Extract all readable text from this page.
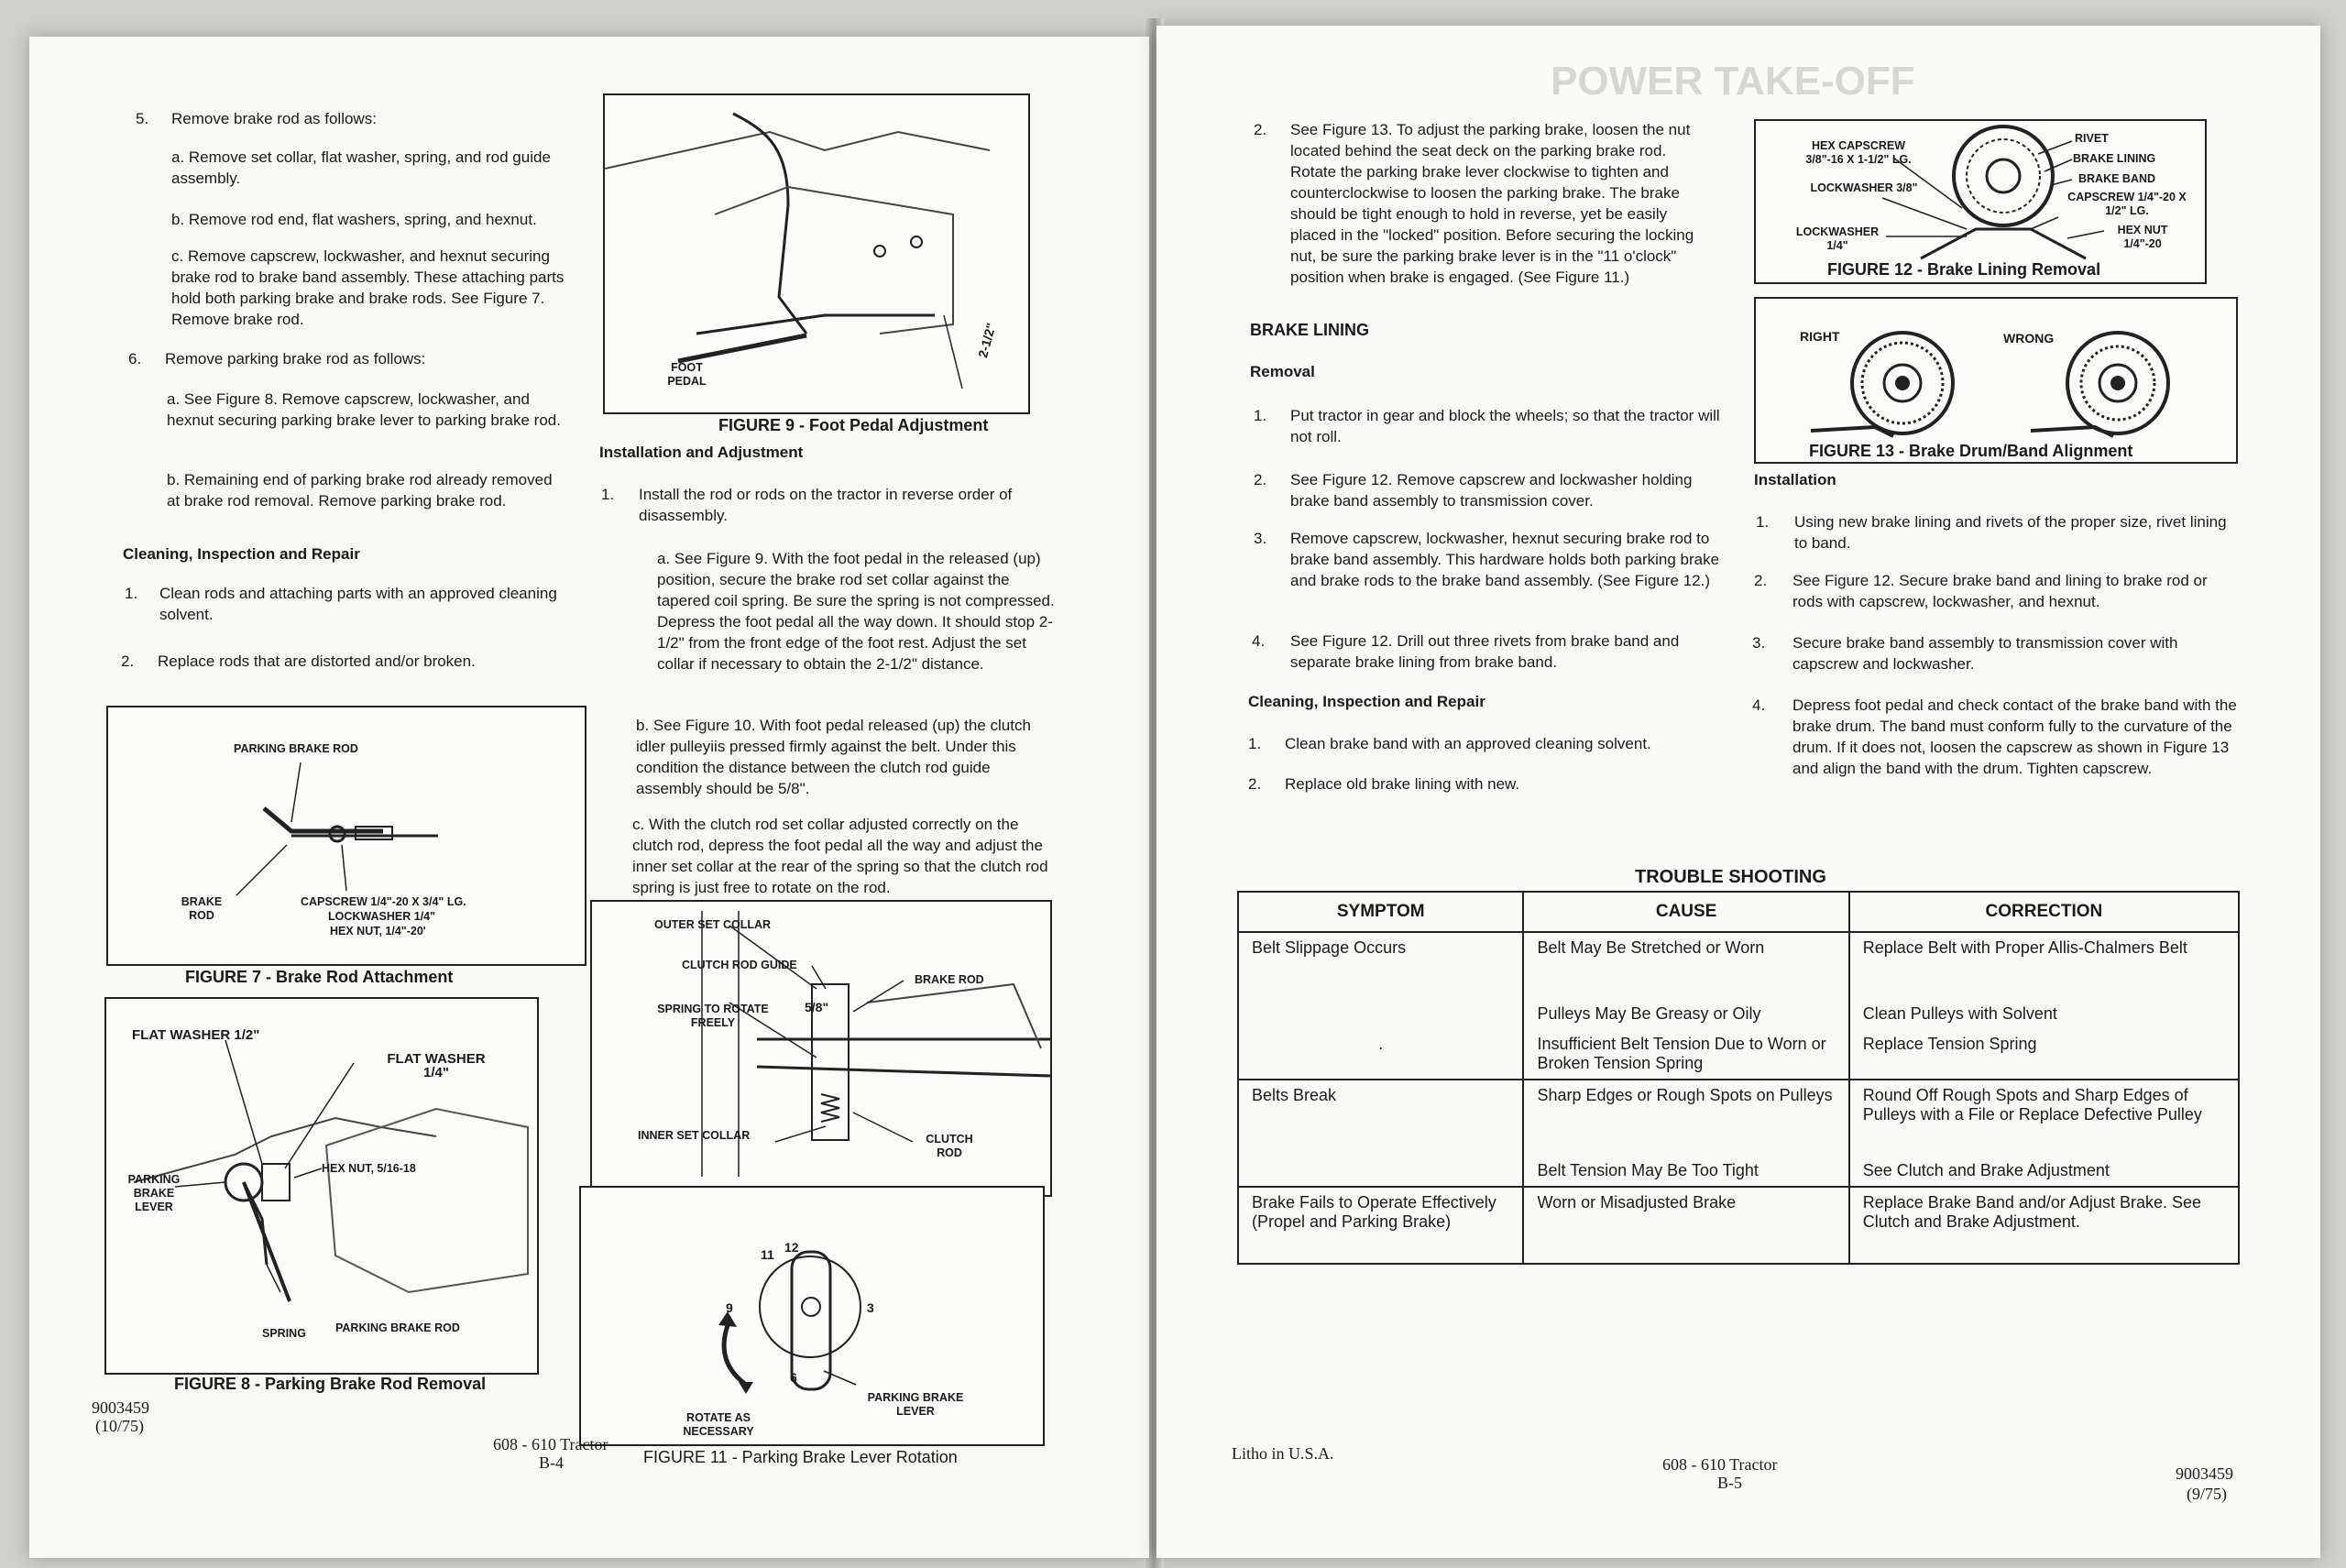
5. Remove brake rod as follows:
a. Remove set collar, flat washer, spring, and rod guide assembly.
b. Remove rod end, flat washers, spring, and hexnut.
c. Remove capscrew, lockwasher, and hexnut securing brake rod to brake band assembly. These attaching parts hold both parking brake and brake rods. See Figure 7. Remove brake rod.
6. Remove parking brake rod as follows:
a. See Figure 8. Remove capscrew, lockwasher, and hexnut securing parking brake lever to parking brake rod.
b. Remaining end of parking brake rod already removed at brake rod removal. Remove parking brake rod.
Cleaning, Inspection and Repair
1. Clean rods and attaching parts with an approved cleaning solvent.
2. Replace rods that are distorted and/or broken.
PARKING BRAKE ROD
BRAKE ROD
CAPSCREW 1/4"-20 X 3/4" LG.
LOCKWASHER 1/4"
HEX NUT, 1/4"-20'
FIGURE 7 - Brake Rod Attachment
FLAT WASHER 1/2"
FLAT WASHER 1/4"
HEX NUT, 5/16-18
PARKING BRAKE LEVER
SPRING	PARKING BRAKE ROD
FIGURE 8 - Parking Brake Rod Removal
FOOT PEDAL
2-1/2"
FIGURE 9 - Foot Pedal Adjustment
Installation and Adjustment
1. Install the rod or rods on the tractor in reverse order of disassembly.
a. See Figure 9. With the foot pedal in the released (up) position, secure the brake rod set collar against the tapered coil spring. Be sure the spring is not compressed. Depress the foot pedal all the way down. It should stop 2-1/2" from the front edge of the foot rest. Adjust the set collar if necessary to obtain the 2-1/2" distance.
b. See Figure 10. With foot pedal released (up) the clutch idler pulleyiis pressed firmly against the belt. Under this condition the distance between the clutch rod guide assembly should be 5/8".
c. With the clutch rod set collar adjusted correctly on the clutch rod, depress the foot pedal all the way and adjust the inner set collar at the rear of the spring so that the clutch rod spring is just free to rotate on the rod.
OUTER SET COLLAR
CLUTCH ROD GUIDE
SPRING TO ROTATE FREELY
5/8"
BRAKE ROD
INNER SET COLLAR	CLUTCH ROD
11 12
9	3
6
ROTATE AS NECESSARY
PARKING BRAKE LEVER
FIGURE 11 - Parking Brake Lever Rotation
9003459
(10/75)
608 - 610 Tractor
B-4
POWER TAKE-OFF
2. See Figure 13. To adjust the parking brake, loosen the nut located behind the seat deck on the parking brake rod. Rotate the parking brake lever clockwise to tighten and counterclockwise to loosen the parking brake. The brake should be tight enough to hold in reverse, yet be easily placed in the "locked" position. Before securing the locking nut, be sure the parking brake lever is in the "11 o'clock" position when brake is engaged. (See Figure 11.)
BRAKE LINING
Removal
1. Put tractor in gear and block the wheels; so that the tractor will not roll.
2. See Figure 12. Remove capscrew and lockwasher holding brake band assembly to transmission cover.
3. Remove capscrew, lockwasher, hexnut securing brake rod to brake band assembly. This hardware holds both parking brake and brake rods to the brake band assembly. (See Figure 12.)
4. See Figure 12. Drill out three rivets from brake band and separate brake lining from brake band.
Cleaning, Inspection and Repair
1. Clean brake band with an approved cleaning solvent.
2. Replace old brake lining with new.
HEX CAPSCREW 3/8"-16 X 1-1/2" LG.
LOCKWASHER 3/8"
LOCKWASHER 1/4"
RIVET
BRAKE LINING
BRAKE BAND
CAPSCREW 1/4"-20 X 1/2" LG.
HEX NUT 1/4"-20
FIGURE 12 - Brake Lining Removal
RIGHT	WRONG
FIGURE 13 - Brake Drum/Band Alignment
Installation
1. Using new brake lining and rivets of the proper size, rivet lining to band.
2. See Figure 12. Secure brake band and lining to brake rod or rods with capscrew, lockwasher, and hexnut.
3. Secure brake band assembly to transmission cover with capscrew and lockwasher.
4. Depress foot pedal and check contact of the brake band with the brake drum. The band must conform fully to the curvature of the drum. If it does not, loosen the capscrew as shown in Figure 13 and align the band with the drum. Tighten capscrew.
TROUBLE SHOOTING
SYMPTOM	CAUSE	CORRECTION
Belt Slippage Occurs	Belt May Be Stretched or Worn	Replace Belt with Proper Allis-Chalmers Belt
	Pulleys May Be Greasy or Oily	Clean Pulleys with Solvent
.	Insufficient Belt Tension Due to Worn or Broken Tension Spring	Replace Tension Spring
Belts Break	Sharp Edges or Rough Spots on Pulleys	Round Off Rough Spots and Sharp Edges of Pulleys with a File or Replace Defective Pulley
	Belt Tension May Be Too Tight	See Clutch and Brake Adjustment
Brake Fails to Operate Effectively (Propel and Parking Brake)	Worn or Misadjusted Brake	Replace Brake Band and/or Adjust Brake. See Clutch and Brake Adjustment.
Litho in U.S.A.
608 - 610 Tractor
B-5	9003459
(9/75)
